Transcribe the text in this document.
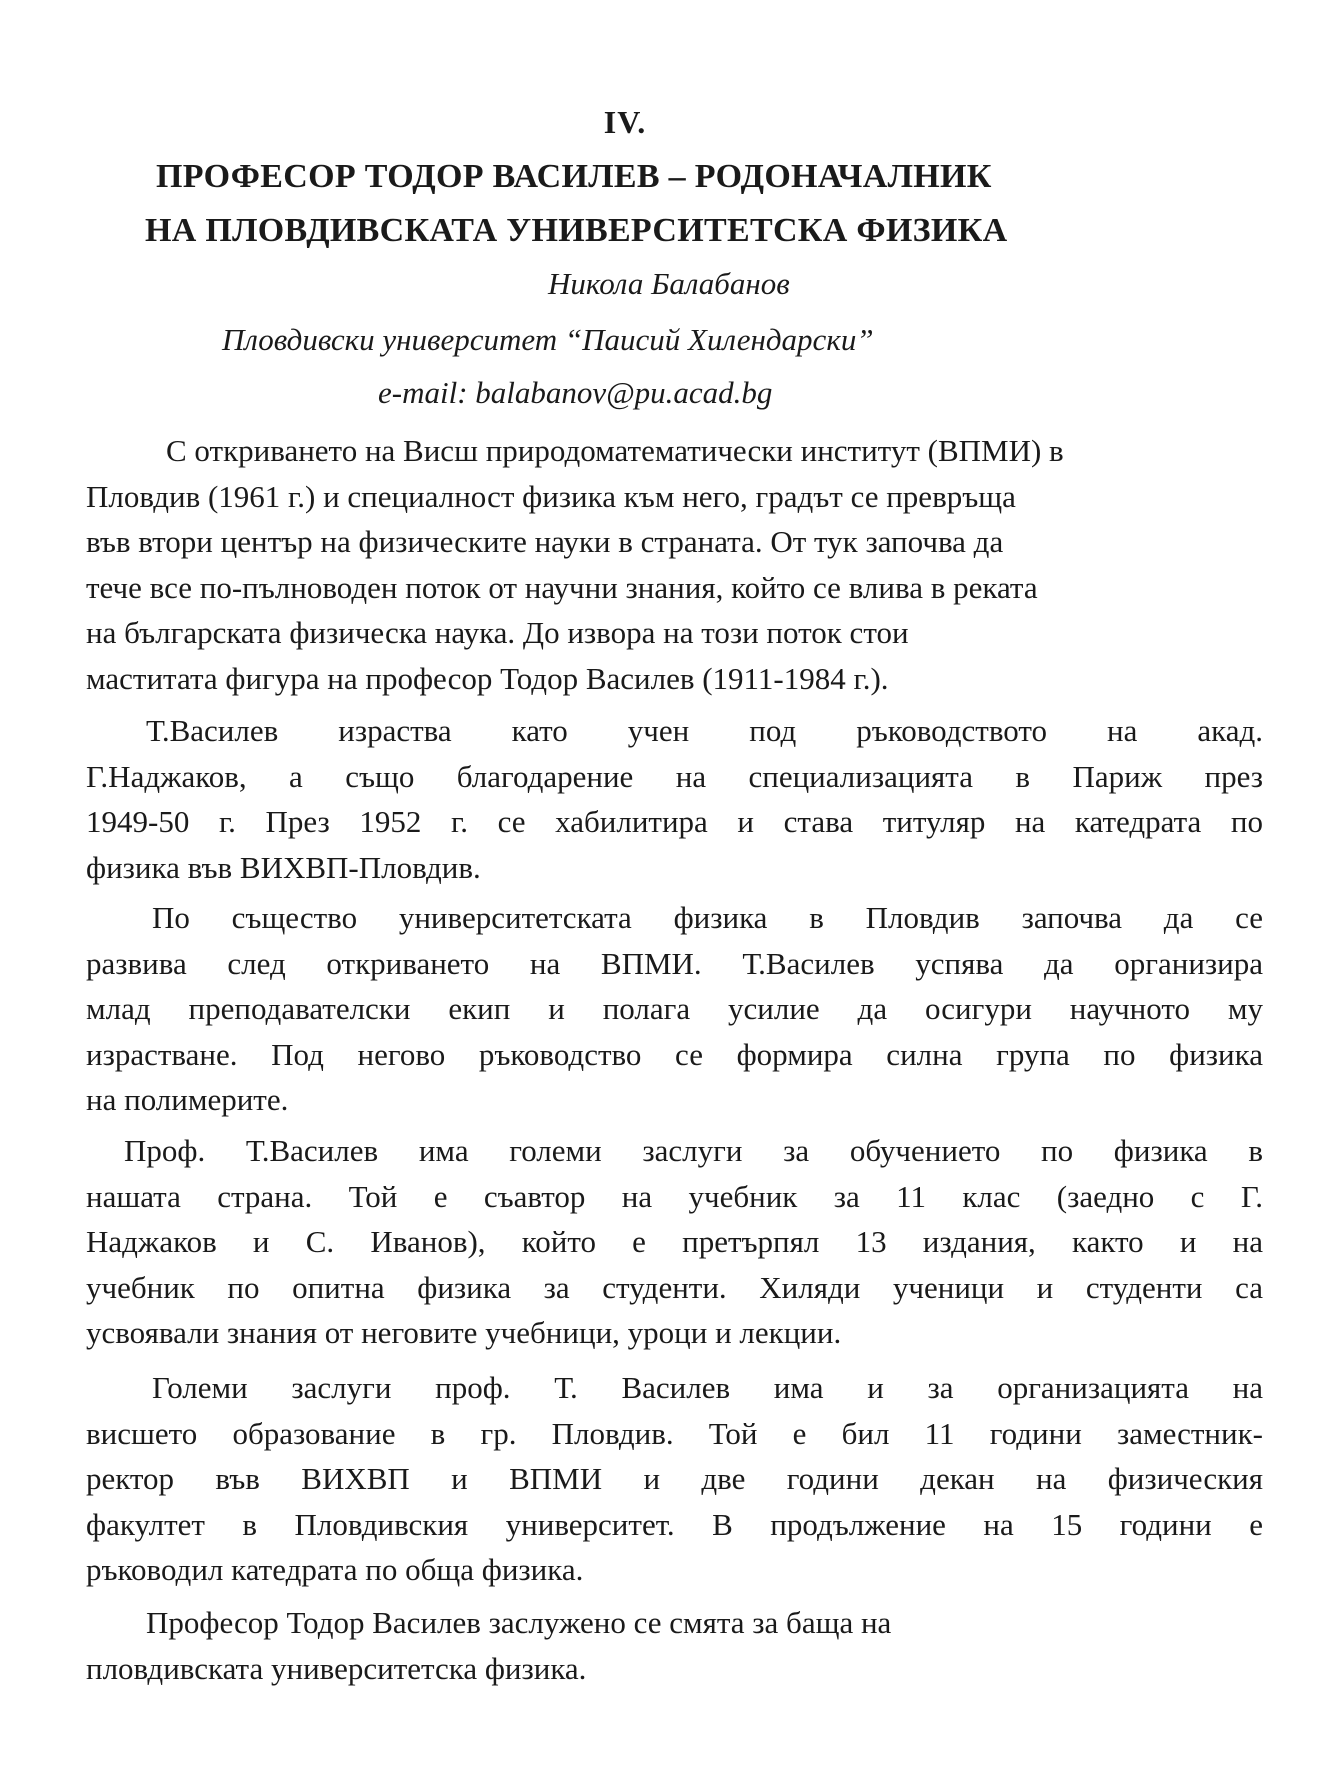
IV.
ПРОФЕСОР ТОДОР ВАСИЛЕВ – РОДОНАЧАЛНИК
НА ПЛОВДИВСКАТА УНИВЕРСИТЕТСКА ФИЗИКА
Никола Балабанов
Пловдивски университет “Паисий Хилендарски”
e-mail: balabanov@pu.acad.bg
С откриването на Висш природоматематически институт (ВПМИ) в
Пловдив (1961 г.) и специалност физика към него, градът се превръща
във втори център на физическите науки в страната. От тук започва да
тече все по-пълноводен поток от научни знания, който се влива в реката
на българската физическа наука. До извора на този поток стои
маститата фигура на професор Тодор Василев (1911-1984 г.).
Т.Василев израства като учен под ръководството на акад.
Г.Наджаков, а също благодарение на специализацията в Париж през
1949-50 г. През 1952 г. се хабилитира и става титуляр на катедрата по
физика във ВИХВП-Пловдив.
По същество университетската физика в Пловдив започва да се
развива след откриването на ВПМИ. Т.Василев успява да организира
млад преподавателски екип и полага усилие да осигури научното му
израстване. Под негово ръководство се формира силна група по физика
на полимерите.
Проф. Т.Василев има големи заслуги за обучението по физика в
нашата страна. Той е съавтор на учебник за 11 клас (заедно с Г.
Наджаков и С. Иванов), който е претърпял 13 издания, както и на
учебник по опитна физика за студенти. Хиляди ученици и студенти са
усвоявали знания от неговите учебници, уроци и лекции.
Големи заслуги проф. Т. Василев има и за организацията на
висшето образование в гр. Пловдив. Той е бил 11 години заместник-
ректор във ВИХВП и ВПМИ и две години декан на физическия
факултет в Пловдивския университет. В продължение на 15 години е
ръководил катедрата по обща физика.
Професор Тодор Василев заслужено се смята за баща на
пловдивската университетска физика.
